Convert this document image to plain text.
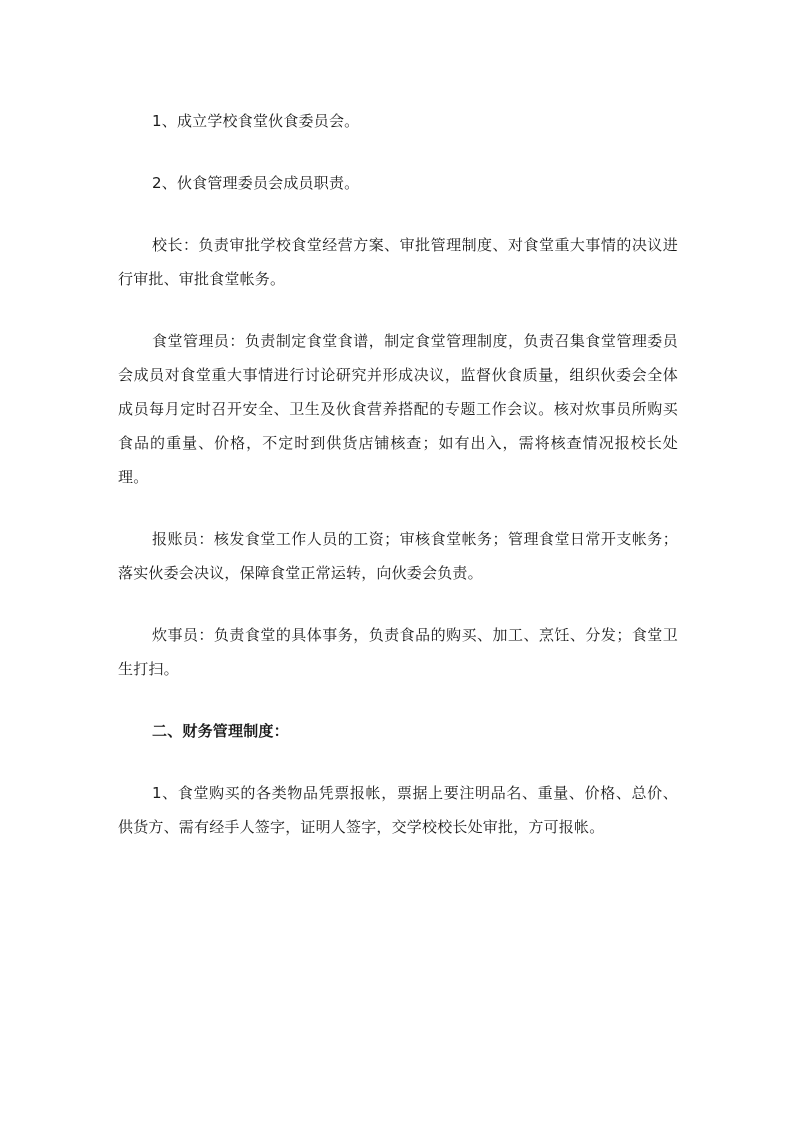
1、成立学校食堂伙食委员会。

2、伙食管理委员会成员职责。

校长：负责审批学校食堂经营方案、审批管理制度、对食堂重大事情的决议进行审批、审批食堂帐务。

食堂管理员：负责制定食堂食谱，制定食堂管理制度，负责召集食堂管理委员会成员对食堂重大事情进行讨论研究并形成决议，监督伙食质量，组织伙委会全体成员每月定时召开安全、卫生及伙食营养搭配的专题工作会议。核对炊事员所购买食品的重量、价格，不定时到供货店铺核查；如有出入，需将核查情况报校长处理。

报账员：核发食堂工作人员的工资；审核食堂帐务；管理食堂日常开支帐务；落实伙委会决议，保障食堂正常运转，向伙委会负责。

炊事员：负责食堂的具体事务，负责食品的购买、加工、烹饪、分发；食堂卫生打扫。

二、财务管理制度：

1、食堂购买的各类物品凭票报帐，票据上要注明品名、重量、价格、总价、供货方、需有经手人签字，证明人签字，交学校校长处审批，方可报帐。
